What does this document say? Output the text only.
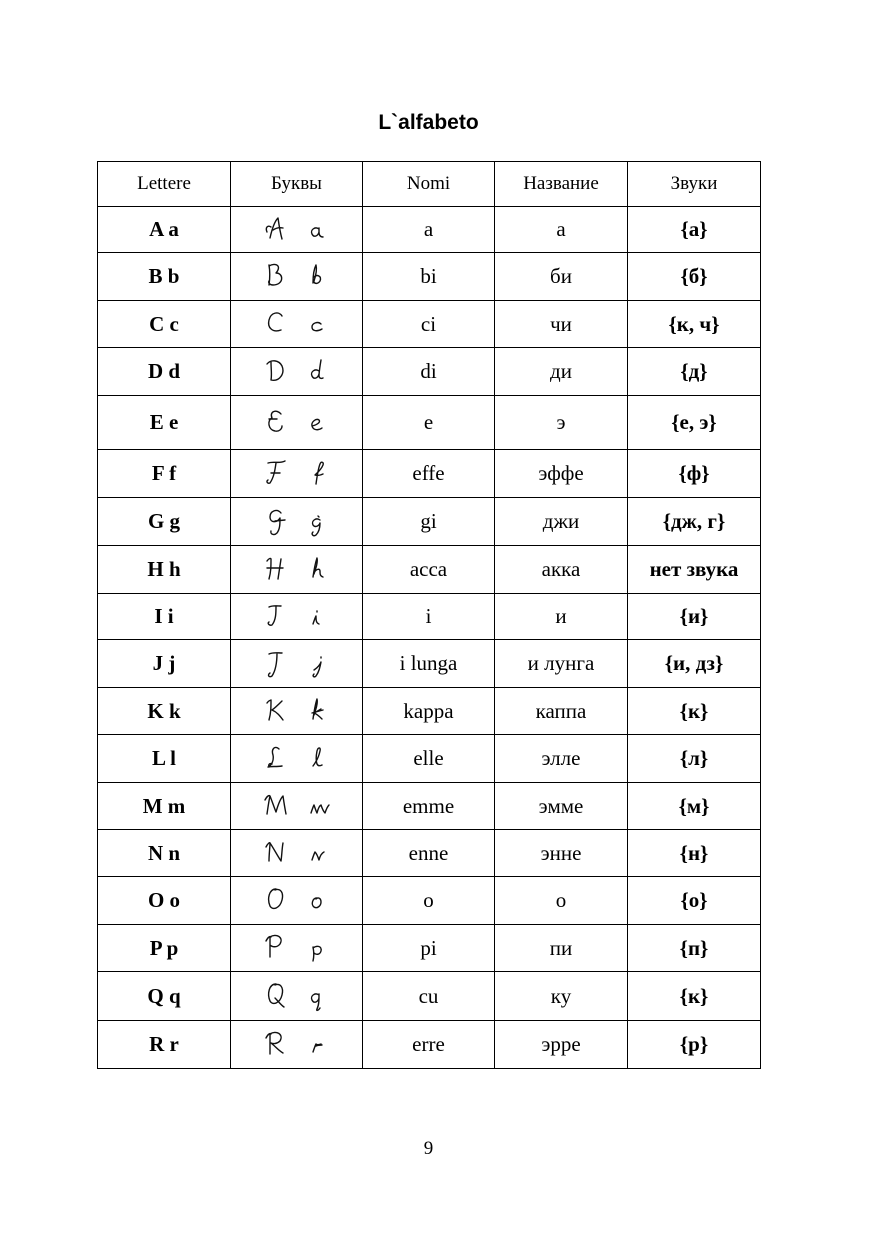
L`alfabeto
Lettere	Буквы	Nomi	Название	Звуки
A a		a	а	{а}
B b		bi	би	{б}
C c		ci	чи	{к, ч}
D d		di	ди	{д}
E e		e	э	{е, э}
F f		effe	эффе	{ф}
G g		gi	джи	{дж, г}
H h		acca	акка	нет звука
I i		i	и	{и}
J j		i lunga	и лунга	{и, дз}
K k		kappa	каппа	{к}
L l		elle	элле	{л}
M m		emme	эмме	{м}
N n		enne	энне	{н}
O o		o	о	{о}
P p		pi	пи	{п}
Q q		cu	ку	{к}
R r		erre	эрре	{р}
9
